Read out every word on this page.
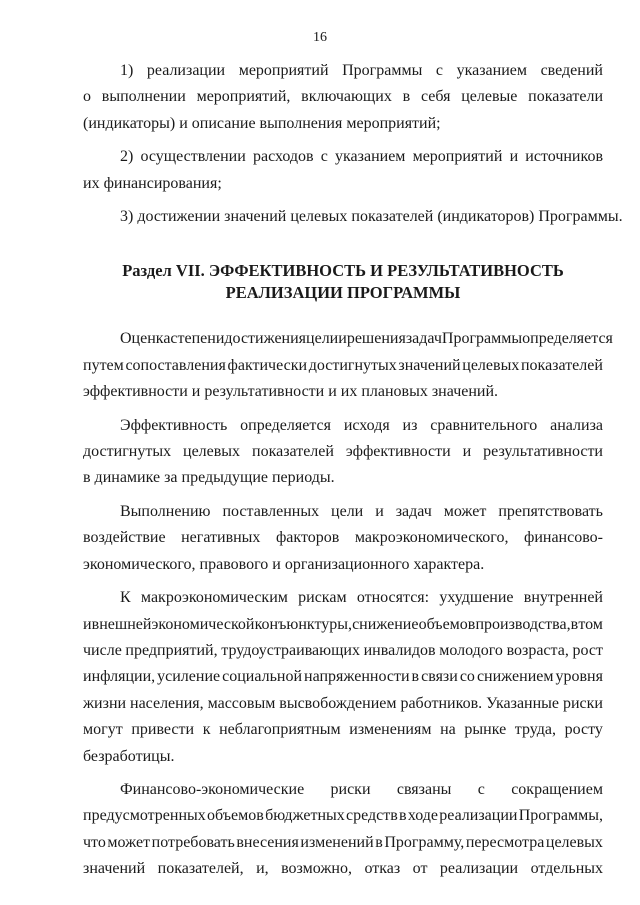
16
1) реализации мероприятий Программы с указанием сведений
о выполнении мероприятий, включающих в себя целевые показатели
(индикаторы) и описание выполнения мероприятий;
2) осуществлении расходов с указанием мероприятий и источников
их финансирования;
3) достижении значений целевых показателей (индикаторов) Программы.
Раздел VII. ЭФФЕКТИВНОСТЬ И РЕЗУЛЬТАТИВНОСТЬ
РЕАЛИЗАЦИИ ПРОГРАММЫ
Оценка степени достижения цели и решения задач Программы определяется
путем сопоставления фактически достигнутых значений целевых показателей
эффективности и результативности и их плановых значений.
Эффективность определяется исходя из сравнительного анализа
достигнутых целевых показателей эффективности и результативности
в динамике за предыдущие периоды.
Выполнению поставленных цели и задач может препятствовать
воздействие негативных факторов макроэкономического, финансово-
экономического, правового и организационного характера.
К макроэкономическим рискам относятся: ухудшение внутренней
и внешней экономической конъюнктуры, снижение объемов производства, в том
числе предприятий, трудоустраивающих инвалидов молодого возраста, рост
инфляции, усиление социальной напряженности в связи со снижением уровня
жизни населения, массовым высвобождением работников. Указанные риски
могут привести к неблагоприятным изменениям на рынке труда, росту
безработицы.
Финансово-экономические риски связаны с сокращением
предусмотренных объемов бюджетных средств в ходе реализации Программы,
что может потребовать внесения изменений в Программу, пересмотра целевых
значений показателей, и, возможно, отказ от реализации отдельных
